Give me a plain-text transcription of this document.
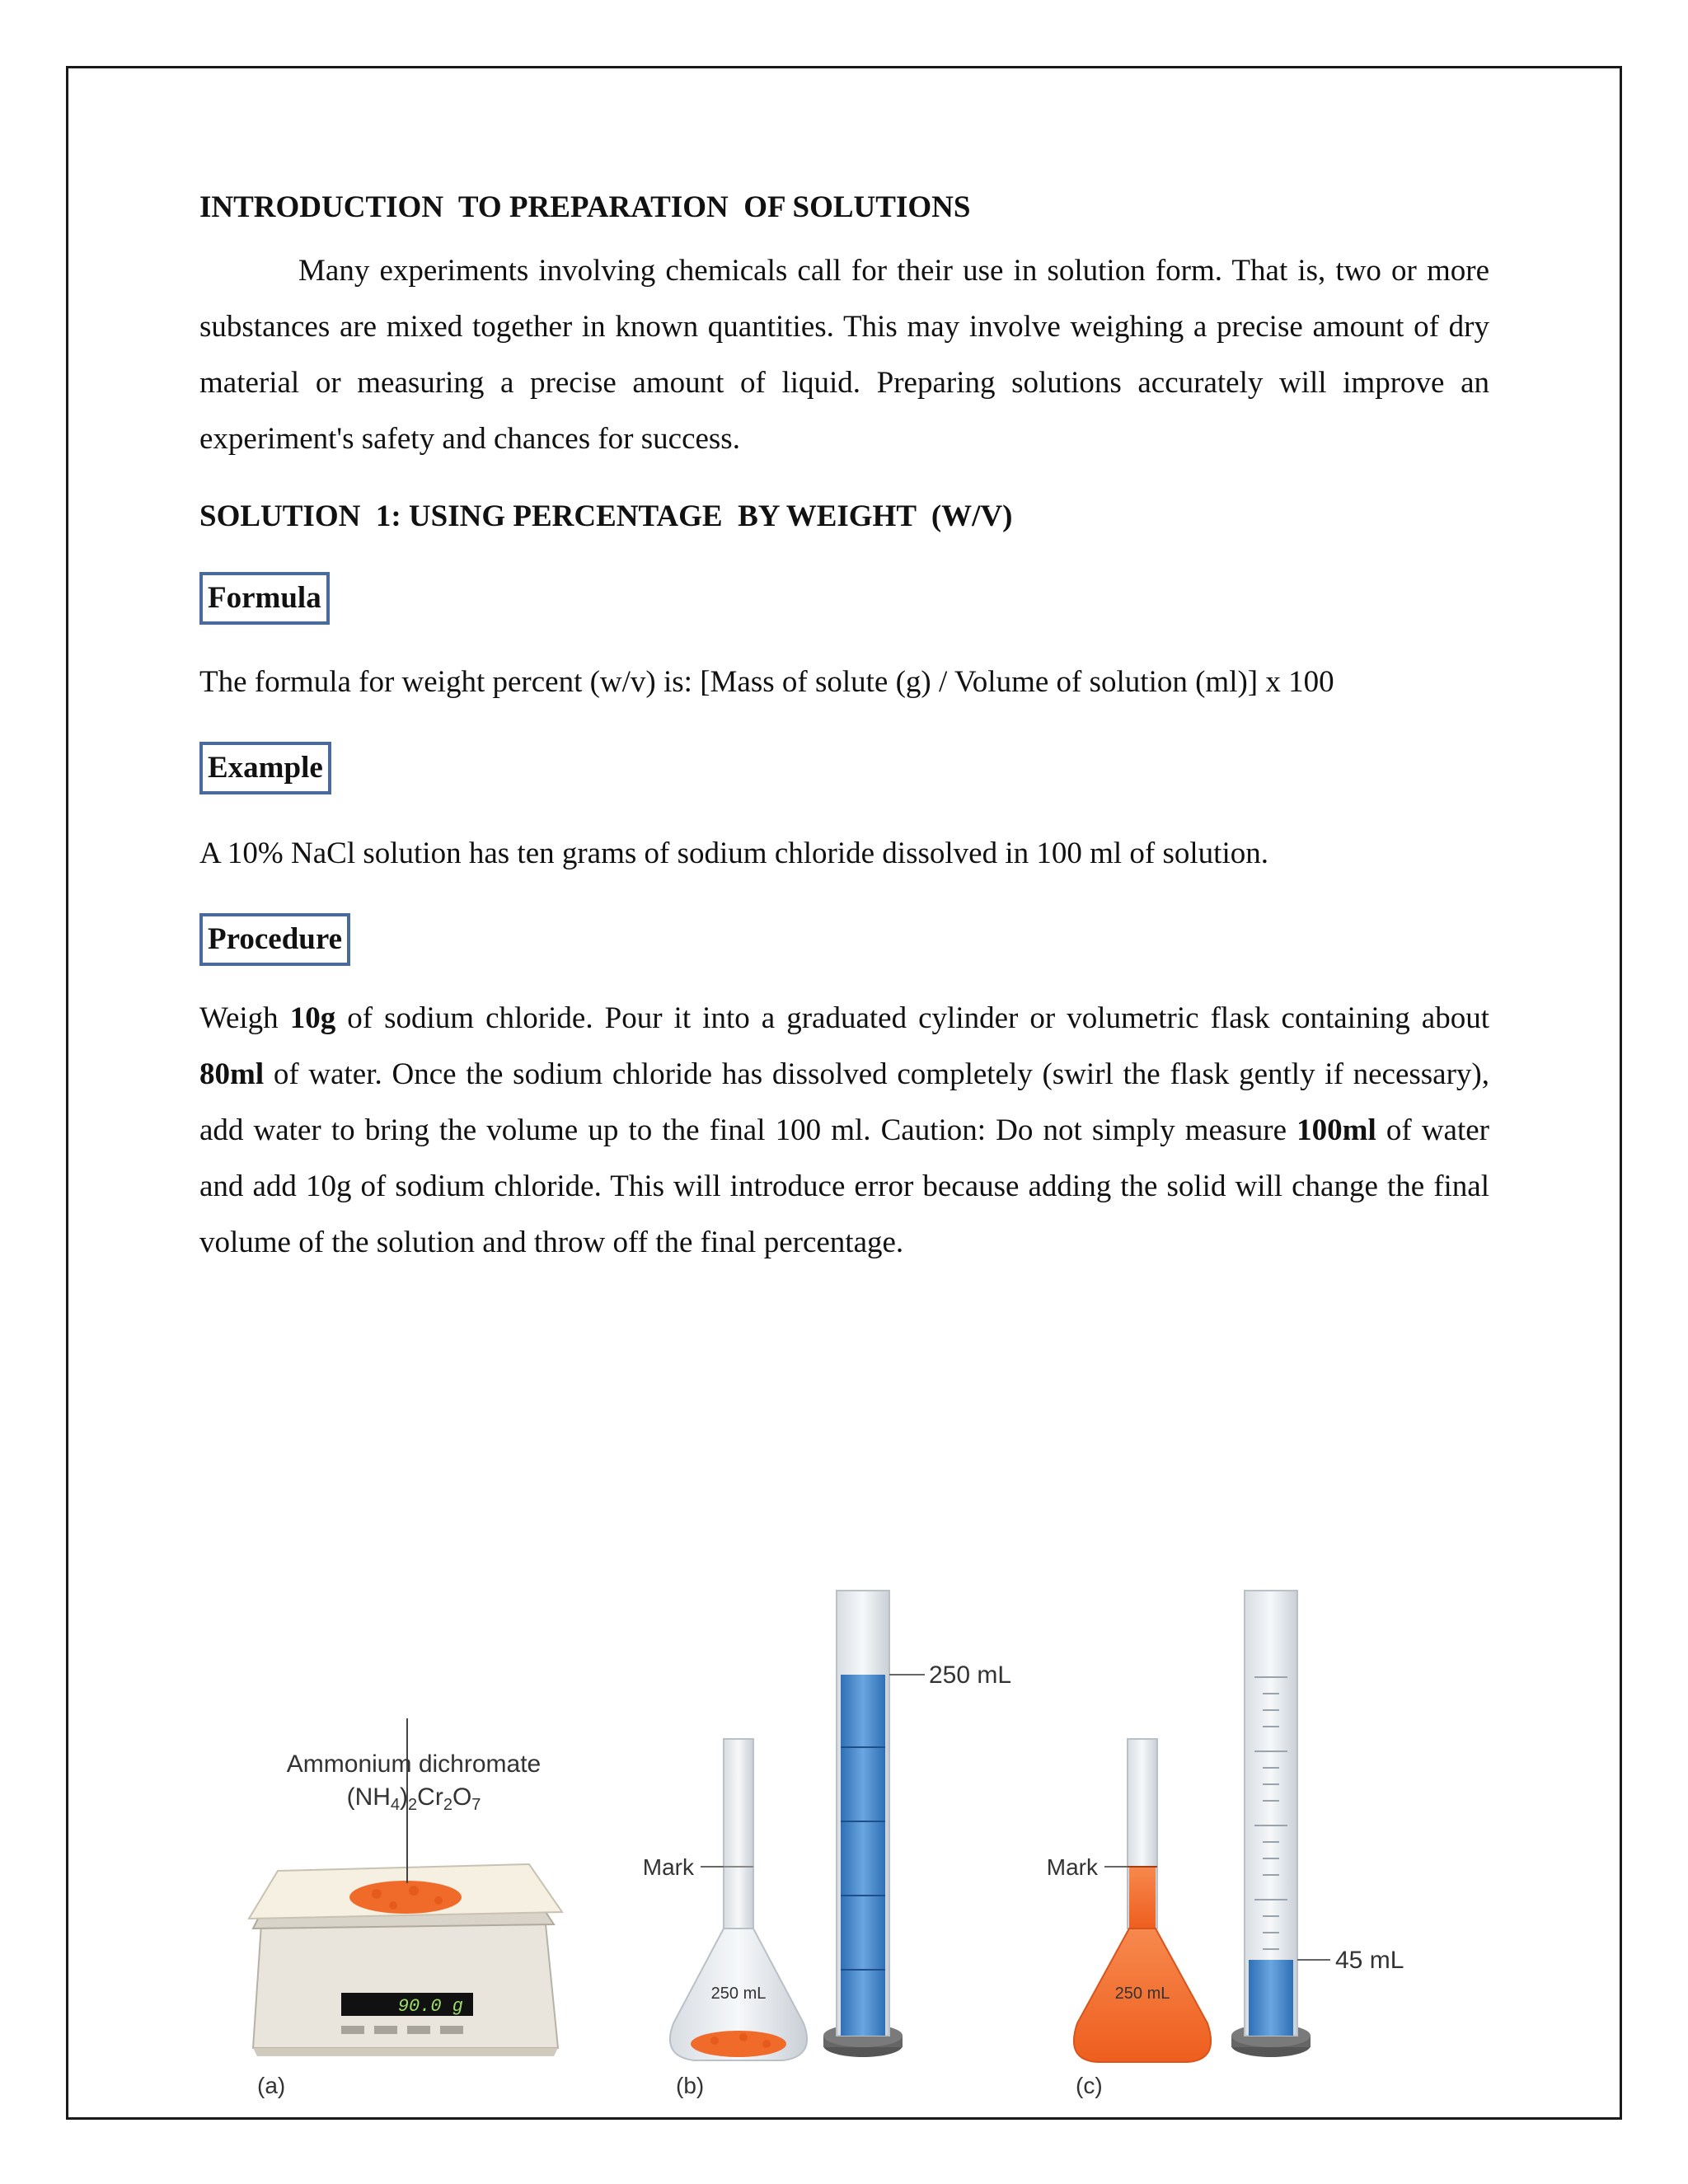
INTRODUCTION  TO PREPARATION  OF SOLUTIONS

Many experiments involving chemicals call for their use in solution form. That is, two or more substances are mixed together in known quantities. This may involve weighing a precise amount of dry material or measuring a precise amount of liquid. Preparing solutions accurately will improve an experiment's safety and chances for success.

SOLUTION  1: USING PERCENTAGE  BY WEIGHT  (W/V)
Formula

The formula for weight percent (w/v) is: [Mass of solute (g) / Volume of solution (ml)] x 100

Example

A 10% NaCl solution has ten grams of sodium chloride dissolved in 100 ml of solution.

Procedure

Weigh 10g of sodium chloride. Pour it into a graduated cylinder or volumetric flask containing about 80ml of water. Once the sodium chloride has dissolved completely (swirl the flask gently if necessary), add water to bring the volume up to the final 100 ml. Caution: Do not simply measure 100ml of water and add 10g of sodium chloride. This will introduce error because adding the solid will change the final volume of the solution and throw off the final percentage.

90.0 g
Ammonium dichromate
$(NH_4)_2Cr_2O_7$
(a)
250 mL
Mark
(b)
250 mL
250 mL
Mark
(c)
45 mL
